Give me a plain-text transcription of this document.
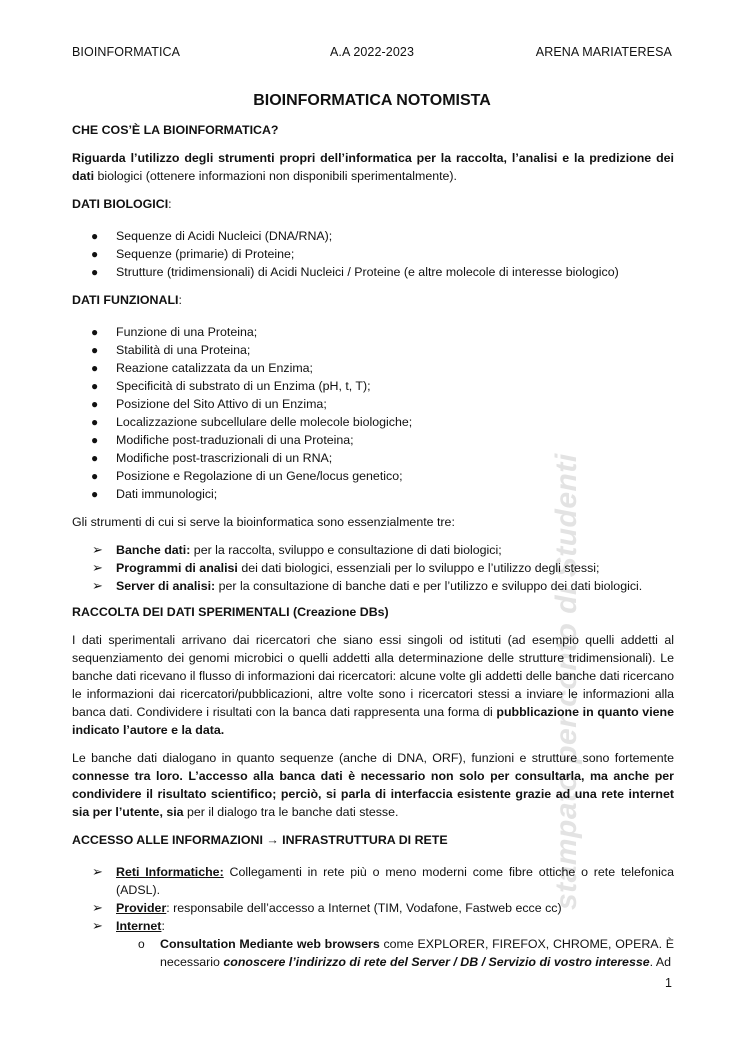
stampato per conto di Studenti
BIOINFORMATICA	A.A 2022-2023	ARENA MARIATERESA
BIOINFORMATICA NOTOMISTA

CHE COS’È LA BIOINFORMATICA?

Riguarda l’utilizzo degli strumenti propri dell’informatica per la raccolta, l’analisi e la predizione dei dati biologici (ottenere informazioni non disponibili sperimentalmente).

DATI BIOLOGICI:

● Sequenze di Acidi Nucleici (DNA/RNA);
● Sequenze (primarie) di Proteine;
● Strutture (tridimensionali) di Acidi Nucleici / Proteine (e altre molecole di interesse biologico)

DATI FUNZIONALI:

● Funzione di una Proteina;
● Stabilità di una Proteina;
● Reazione catalizzata da un Enzima;
● Specificità di substrato di un Enzima (pH, t, T);
● Posizione del Sito Attivo di un Enzima;
● Localizzazione subcellulare delle molecole biologiche;
● Modifiche post-traduzionali di una Proteina;
● Modifiche post-trascrizionali di un RNA;
● Posizione e Regolazione di un Gene/locus genetico;
● Dati immunologici;

Gli strumenti di cui si serve la bioinformatica sono essenzialmente tre:

➢ Banche dati: per la raccolta, sviluppo e consultazione di dati biologici;
➢ Programmi di analisi dei dati biologici, essenziali per lo sviluppo e l’utilizzo degli stessi;
➢ Server di analisi: per la consultazione di banche dati e per l’utilizzo e sviluppo dei dati biologici.

RACCOLTA DEI DATI SPERIMENTALI (Creazione DBs)

I dati sperimentali arrivano dai ricercatori che siano essi singoli od istituti (ad esempio quelli addetti al sequenziamento dei genomi microbici o quelli addetti alla determinazione delle strutture tridimensionali). Le banche dati ricevano il flusso di informazioni dai ricercatori: alcune volte gli addetti delle banche dati ricercano le informazioni dai ricercatori/pubblicazioni, altre volte sono i ricercatori stessi a inviare le informazioni alla banca dati. Condividere i risultati con la banca dati rappresenta una forma di pubblicazione in quanto viene indicato l’autore e la data.

Le banche dati dialogano in quanto sequenze (anche di DNA, ORF), funzioni e strutture sono fortemente connesse tra loro. L’accesso alla banca dati è necessario non solo per consultarla, ma anche per condividere il risultato scientifico; perciò, si parla di interfaccia esistente grazie ad una rete internet sia per l’utente, sia per il dialogo tra le banche dati stesse.

ACCESSO ALLE INFORMAZIONI → INFRASTRUTTURA DI RETE

➢ Reti Informatiche: Collegamenti in rete più o meno moderni come fibre ottiche o rete telefonica (ADSL).
➢ Provider: responsabile dell’accesso a Internet (TIM, Vodafone, Fastweb ecce cc)
➢ Internet:
o Consultation Mediante web browsers come EXPLORER, FIREFOX, CHROME, OPERA. È necessario conoscere l’indirizzo di rete del Server / DB / Servizio di vostro interesse. Ad
1
